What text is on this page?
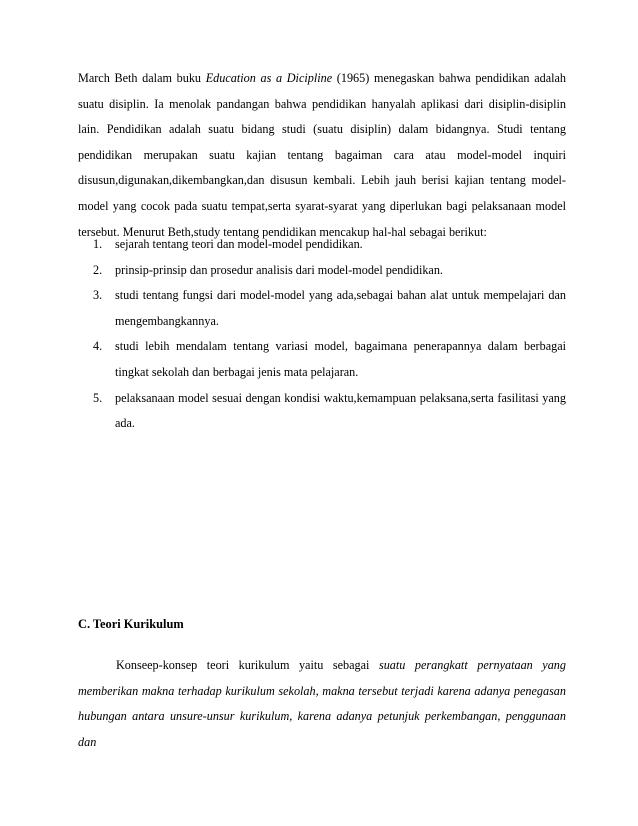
March Beth dalam buku Education as a Dicipline (1965) menegaskan bahwa pendidikan adalah suatu disiplin. Ia menolak pandangan bahwa pendidikan hanyalah aplikasi dari disiplin-disiplin lain. Pendidikan adalah suatu bidang studi (suatu disiplin) dalam bidangnya. Studi tentang pendidikan merupakan suatu kajian tentang bagaiman cara atau model-model inquiri disusun,digunakan,dikembangkan,dan disusun kembali. Lebih jauh berisi kajian tentang model-model yang cocok pada suatu tempat,serta syarat-syarat yang diperlukan bagi pelaksanaan model tersebut. Menurut Beth,study tentang pendidikan mencakup hal-hal sebagai berikut:

1. sejarah tentang teori dan model-model pendidikan.
2. prinsip-prinsip dan prosedur analisis dari model-model pendidikan.
3. studi tentang fungsi dari model-model yang ada,sebagai bahan alat untuk mempelajari dan mengembangkannya.
4. studi lebih mendalam tentang variasi model, bagaimana penerapannya dalam berbagai tingkat sekolah dan berbagai jenis mata pelajaran.
5. pelaksanaan model sesuai dengan kondisi waktu,kemampuan pelaksana,serta fasilitasi yang ada.
C. Teori Kurikulum

Konseep-konsep teori kurikulum yaitu sebagai suatu perangkatt pernyataan yang memberikan makna terhadap kurikulum sekolah, makna tersebut terjadi karena adanya penegasan hubungan antara unsure-unsur kurikulum, karena adanya petunjuk perkembangan, penggunaan dan
